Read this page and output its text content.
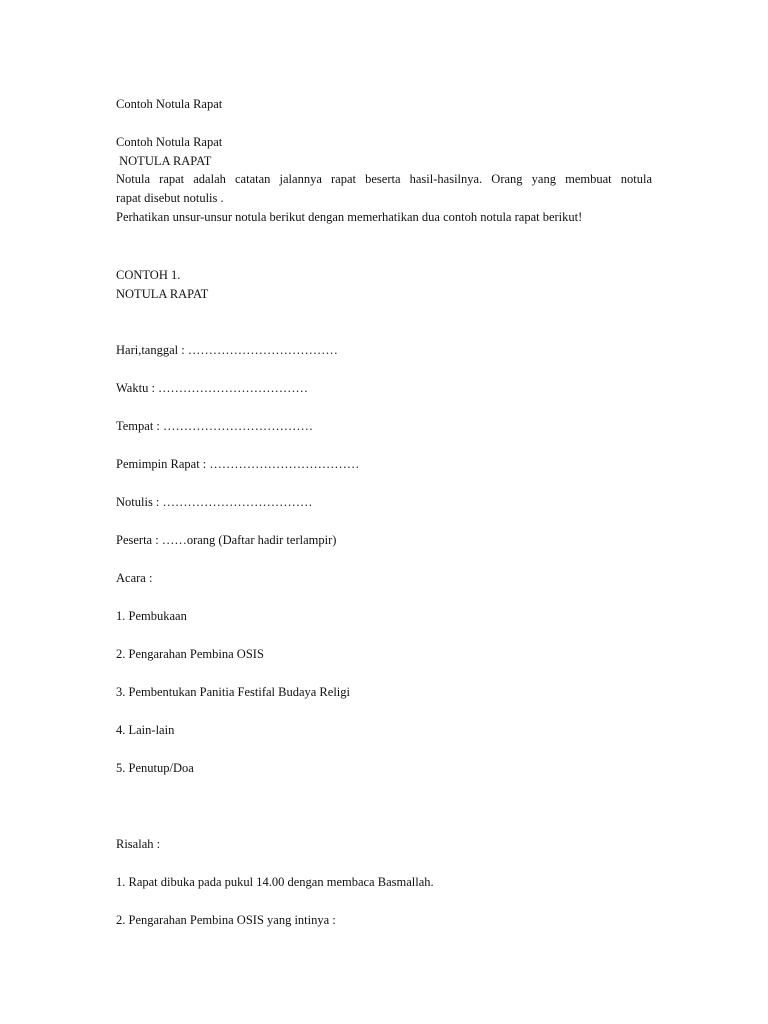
Contoh Notula Rapat
Contoh Notula Rapat
NOTULA RAPAT
Notula rapat adalah catatan jalannya rapat beserta hasil-hasilnya. Orang yang membuat notula
rapat disebut notulis .
Perhatikan unsur-unsur notula berikut dengan memerhatikan dua contoh notula rapat berikut!
CONTOH 1.
NOTULA RAPAT
Hari,tanggal : ………………………………
Waktu : ………………………………
Tempat : ………………………………
Pemimpin Rapat : ………………………………
Notulis : ………………………………
Peserta : ……orang (Daftar hadir terlampir)
Acara :
1. Pembukaan
2. Pengarahan Pembina OSIS
3. Pembentukan Panitia Festifal Budaya Religi
4. Lain-lain
5. Penutup/Doa
Risalah :
1. Rapat dibuka pada pukul 14.00 dengan membaca Basmallah.
2. Pengarahan Pembina OSIS yang intinya :
